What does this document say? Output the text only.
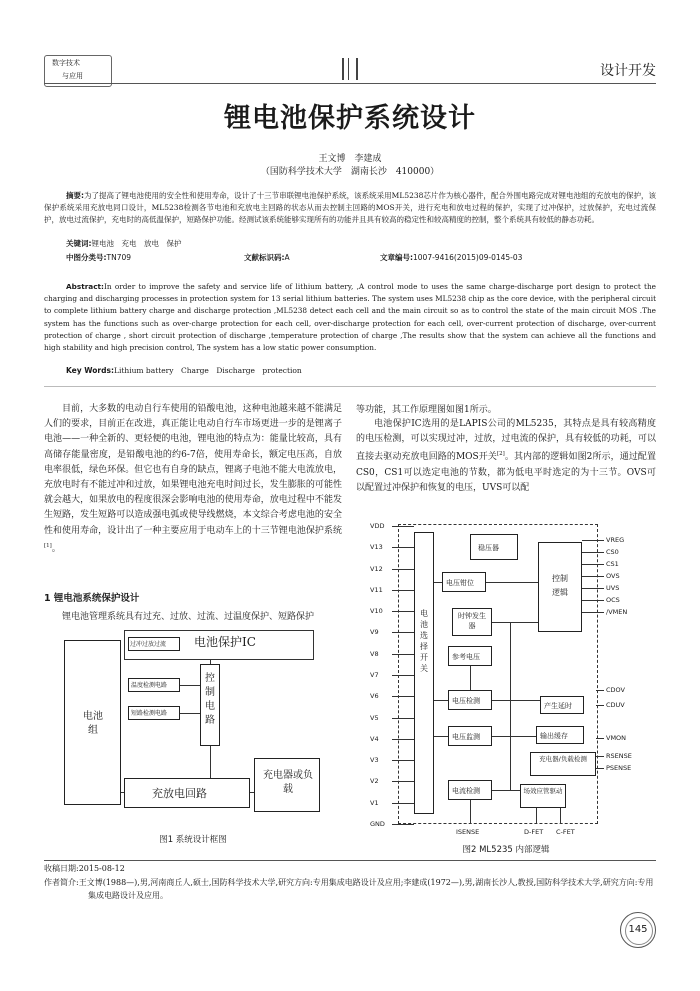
数字技术
与应用	设计开发
锂电池保护系统设计
王文博　李建成
（国防科学技术大学　湖南长沙　410000）
摘要:为了提高了锂电池使用的安全性和使用寿命，设计了十三节串联锂电池保护系统，该系统采用ML5238芯片作为核心器件，配合外围电路完成对锂电池组的充放电的保护，该保护系统采用充放电同口设计，ML5238检测各节电池和充放电主回路的状态从而去控制主回路的MOS开关，进行充电和放电过程的保护，实现了过冲保护，过放保护，充电过流保护，放电过流保护，充电时的高低温保护，短路保护功能。经测试该系统能够实现所有的功能并且具有较高的稳定性和较高精度的控制，整个系统具有较低的静态功耗。
关键词:锂电池　充电　放电　保护
中图分类号:TN709	文献标识码:A	文章编号:1007-9416(2015)09-0145-03
Abstract:In order to improve the safety and service life of lithium battery, ,A control mode to uses the same charge-discharge port design to protect the charging and discharging processes in protection system for 13 serial lithium batteries. The system uses ML5238 chip as the core device, with the peripheral circuit to complete lithium battery charge and discharge protection ,ML5238 detect each cell and the main circuit so as to control the state of the main circuit MOS .The system has the functions such as over-charge protection for each cell, over-discharge protection for each cell, over-current protection of discharge, over-current protection of charge , short circuit protection of discharge ,temperature protection of charge ,The results show that the system can achieve all the functions and high stability and high precision control, The system has a low static power consumption.
Key Words:Lithium battery　Charge　Discharge　protection
目前，大多数的电动自行车使用的铅酸电池，这种电池越来越不能满足人们的要求，目前正在改进，真正能让电动自行车市场更进一步的是锂离子电池——一种全新的、更轻便的电池，锂电池的特点为：能量比较高，具有高储存能量密度，是铅酸电池的约6-7倍，使用寿命长，额定电压高，自放电率很低，绿色环保。但它也有自身的缺点，锂离子电池不能大电流放电，充放电时有不能过冲和过放，如果锂电池充电时间过长，发生膨胀的可能性就会越大，如果放电的程度很深会影响电池的使用寿命，放电过程中不能发生短路，发生短路可以造成强电弧或使导线燃烧，本文综合考虑电池的安全性和使用寿命，设计出了一种主要应用于电动车上的十三节锂电池保护系统[1]。
1 锂电池系统保护设计
锂电池管理系统具有过充、过放、过流、过温度保护、短路保护
电池组
过冲过放过流 电池保护IC
温度检测电路
短路检测电路
控制电路
充放电回路
充电器或负载
图1 系统设计框图
等功能，其工作原理图如图1所示。
电池保护IC选用的是LAPIS公司的ML5235，其特点是具有较高精度的电压检测，可以实现过冲，过放，过电流的保护，具有较低的功耗，可以直接去驱动充放电回路的MOS开关[2]。其内部的逻辑如图2所示，通过配置CS0，CS1可以选定电池的节数，都为低电平时选定的为十三节。OVS可以配置过冲保护和恢复的电压，UVS可以配
电池选择开关
稳压器
电压钳位
时钟发生器
控制逻辑
参考电压
电压检测
产生延时
电压监测	输出缓存
充电器/负载检测
电流检测	场效应管驱动
ISENSE	D-FET C-FET
VDD
V13
V12
V11
V10
V9
V8
V7
V6
V5
V4
V3
V2
V1
GND
VREG
CS0
CS1
OVS
UVS
OCS
/VMEN
CDOV
CDUV
VMON
RSENSE
PSENSE
图2 ML5235 内部逻辑
收稿日期:2015-08-12
作者简介:王文博(1988—),男,河南商丘人,硕士,国防科学技术大学,研究方向:专用集成电路设计及应用;李建成(1972—),男,湖南长沙人,教授,国防科学技术大学,研究方向:专用集成电路设计及应用。
145
